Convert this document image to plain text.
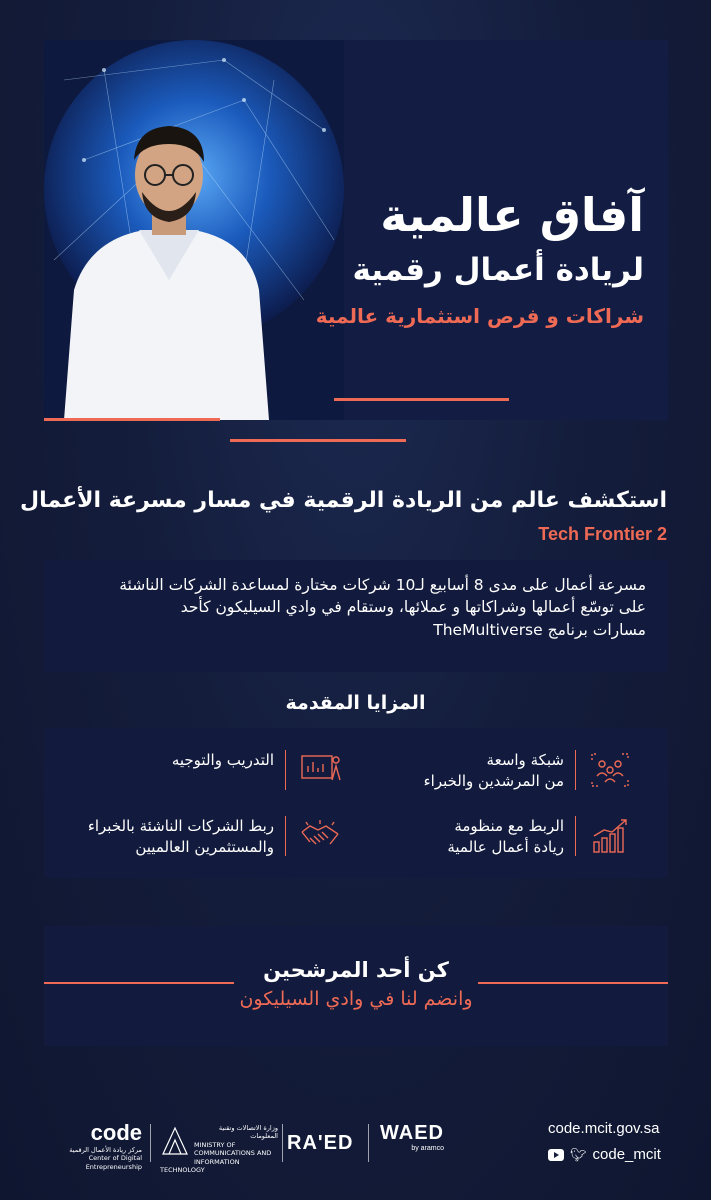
آفاق عالمية
لريادة أعمال رقمية
شراكات و فرص استثمارية عالمية
استكشف عالم من الريادة الرقمية في مسار مسرعة الأعمال
Tech Frontier 2
مسرعة أعمال على مدى 8 أسابيع لـ10 شركات مختارة لمساعدة الشركات الناشئة
على توسّع أعمالها وشراكاتها و عملائها، وستقام في وادي السيليكون كأحد
مسارات برنامج TheMultiverse
المزايا المقدمة
شبكة واسعة
من المرشدين والخبراء
التدريب والتوجيه
الربط مع منظومة
ريادة أعمال عالمية
ربط الشركات الناشئة بالخبراء
والمستثمرين العالميين
كن أحد المرشحين
وانضم لنا في وادي السيليكون
code.mcit.gov.sa
🐦︎ code_mcit
WAED
by aramco
RA'ED
وزارة الاتصالات وتقنية المعلومات
MINISTRY OF COMMUNICATIONS AND INFORMATION TECHNOLOGY
code
مركز ريادة الأعمال الرقمية
Center of Digital Entrepreneurship
